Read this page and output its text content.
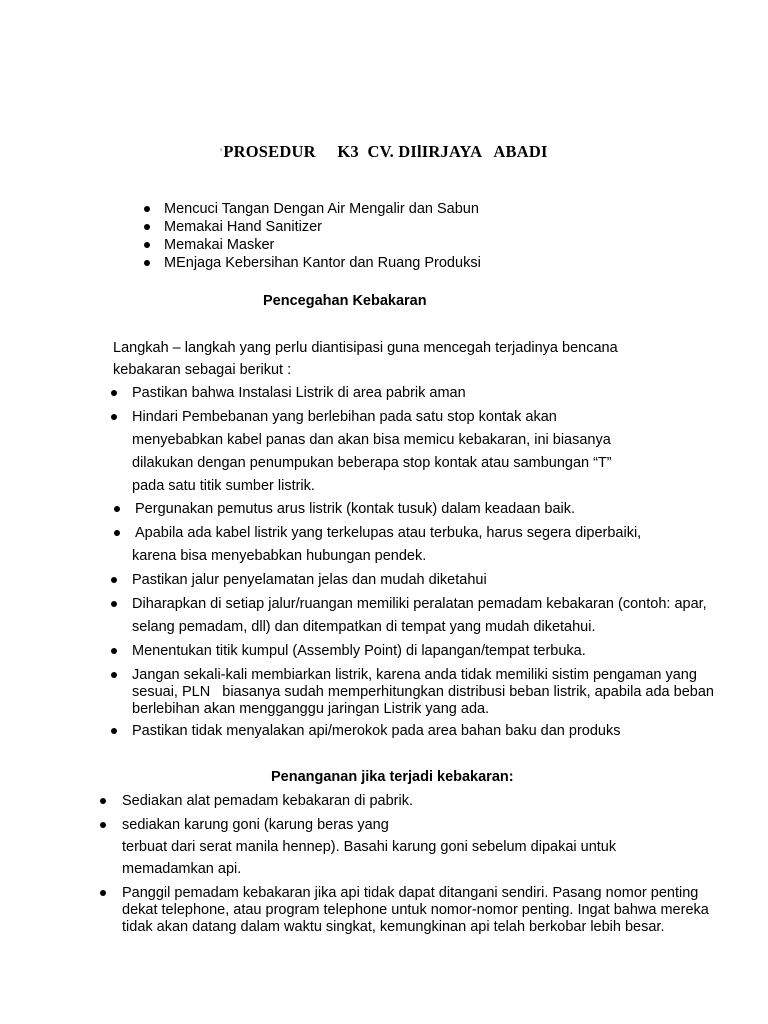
'PROSEDUR     K3  CV. DIlIRJAYA   ABADI
Mencuci Tangan Dengan Air Mengalir dan Sabun
Memakai Hand Sanitizer
Memakai Masker
MEnjaga Kebersihan Kantor dan Ruang Produksi
Pencegahan Kebakaran
Langkah – langkah yang perlu diantisipasi guna mencegah terjadinya bencana
kebakaran sebagai berikut :
Pastikan bahwa Instalasi Listrik di area pabrik aman
Hindari Pembebanan yang berlebihan pada satu stop kontak akan
menyebabkan kabel panas dan akan bisa memicu kebakaran, ini biasanya
dilakukan dengan penumpukan beberapa stop kontak atau sambungan “T”
pada satu titik sumber listrik.
Pergunakan pemutus arus listrik (kontak tusuk) dalam keadaan baik.
Apabila ada kabel listrik yang terkelupas atau terbuka, harus segera diperbaiki,
karena bisa menyebabkan hubungan pendek.
Pastikan jalur penyelamatan jelas dan mudah diketahui
Diharapkan di setiap jalur/ruangan memiliki peralatan pemadam kebakaran (contoh: apar,
selang pemadam, dll) dan ditempatkan di tempat yang mudah diketahui.
Menentukan titik kumpul (Assembly Point) di lapangan/tempat terbuka.
Jangan sekali-kali membiarkan listrik, karena anda tidak memiliki sistim pengaman yang
sesuai, PLN   biasanya sudah memperhitungkan distribusi beban listrik, apabila ada beban
berlebihan akan mengganggu jaringan Listrik yang ada.
Pastikan tidak menyalakan api/merokok pada area bahan baku dan produks
Penanganan jika terjadi kebakaran:
Sediakan alat pemadam kebakaran di pabrik.
sediakan karung goni (karung beras yang
terbuat dari serat manila hennep). Basahi karung goni sebelum dipakai untuk
memadamkan api.
Panggil pemadam kebakaran jika api tidak dapat ditangani sendiri. Pasang nomor penting
dekat telephone, atau program telephone untuk nomor-nomor penting. Ingat bahwa mereka
tidak akan datang dalam waktu singkat, kemungkinan api telah berkobar lebih besar.
